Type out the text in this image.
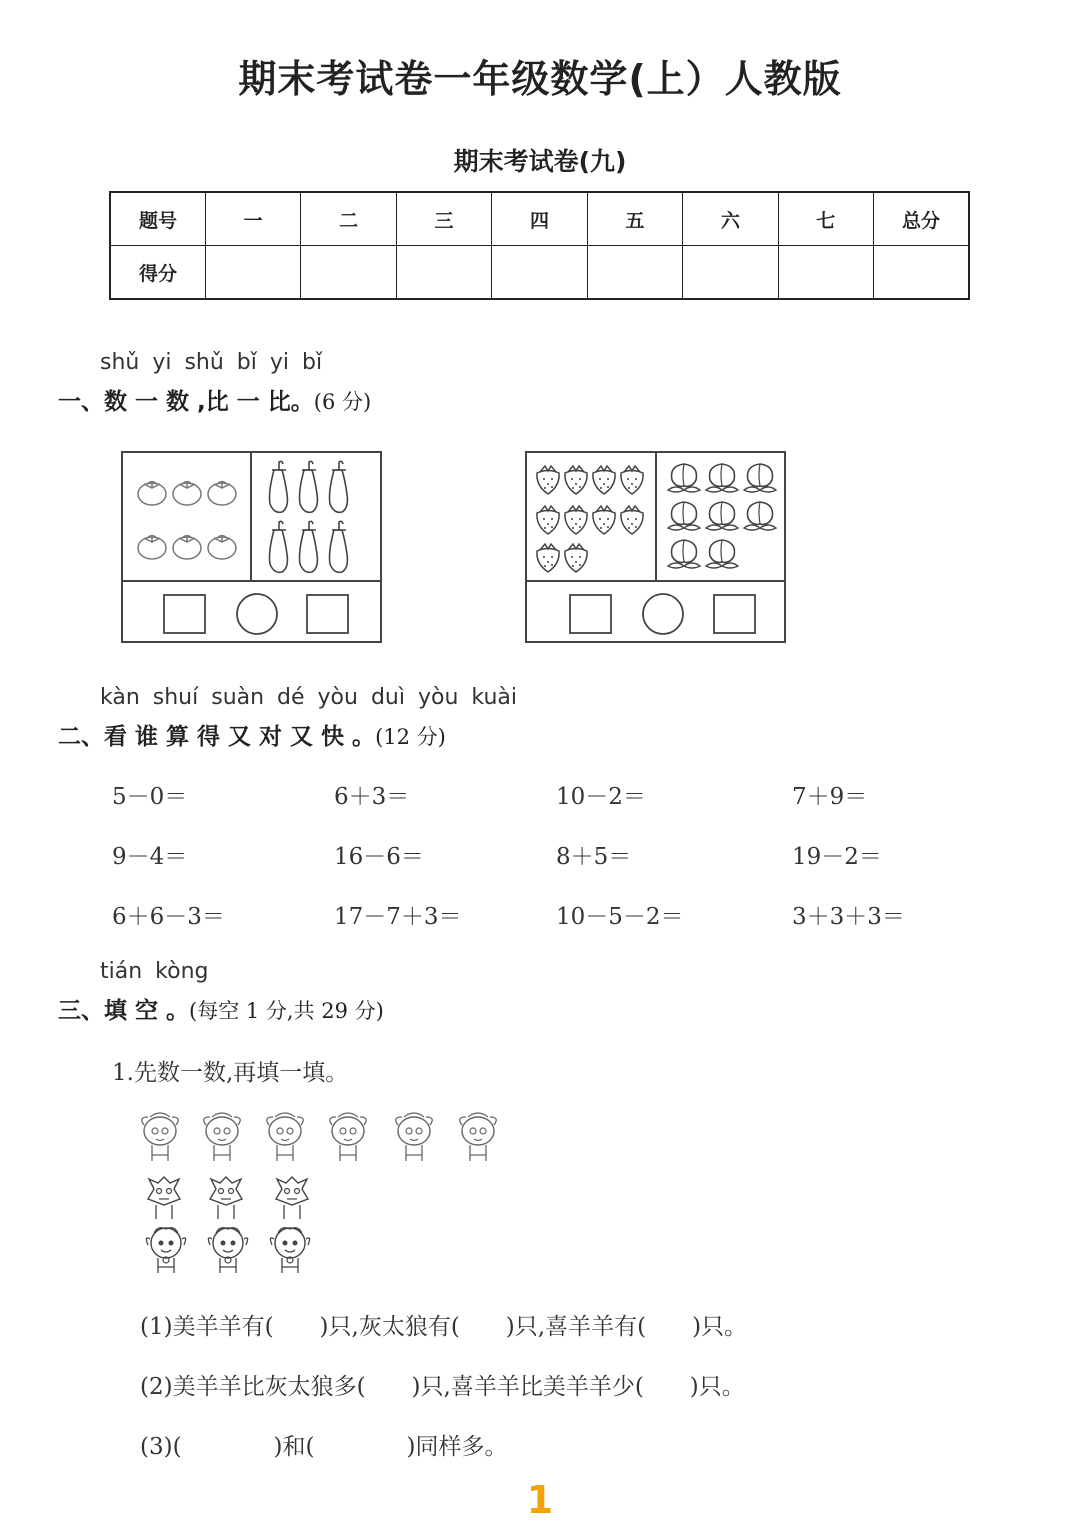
期末考试卷一年级数学(上）人教版
期末考试卷(九)
题号	一	二	三	四	五	六	七	总分
得分								
shǔ yi shǔ bǐ yi bǐ
一、数 一 数 ,比 一 比。(6 分)
kàn shuí suàn dé yòu duì yòu kuài
二、看 谁 算 得 又 对 又 快 。(12 分)
5－0＝	6＋3＝	10－2＝	7＋9＝
9－4＝	16－6＝	8＋5＝	19－2＝
6＋6－3＝	17－7＋3＝	10－5－2＝	3＋3＋3＝
tián kòng
三、填 空 。(每空 1 分,共 29 分)
1.先数一数,再填一填。
(1)美羊羊有(　　)只,灰太狼有(　　)只,喜羊羊有(　　)只。
(2)美羊羊比灰太狼多(　　)只,喜羊羊比美羊羊少(　　)只。
(3)(　　　　)和(　　　　)同样多。
1
